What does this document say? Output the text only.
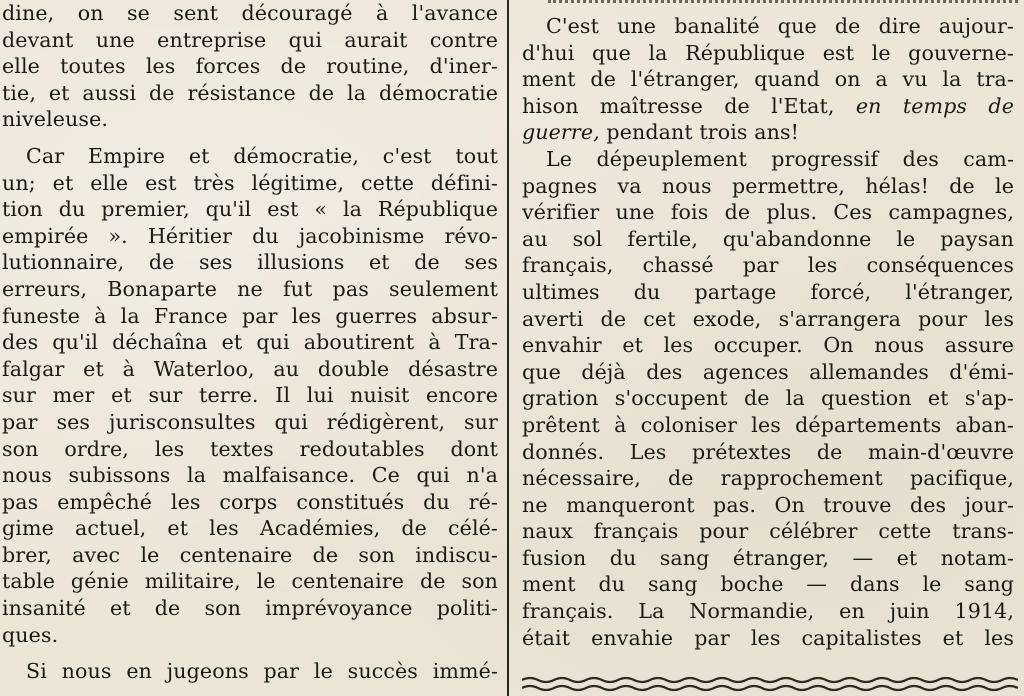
dine, on se sent découragé à l'avance
devant une entreprise qui aurait contre
elle toutes les forces de routine, d'iner-
tie, et aussi de résistance de la démocratie
niveleuse.
Car Empire et démocratie, c'est tout
un; et elle est très légitime, cette défini-
tion du premier, qu'il est « la République
empirée ». Héritier du jacobinisme révo-
lutionnaire, de ses illusions et de ses
erreurs, Bonaparte ne fut pas seulement
funeste à la France par les guerres absur-
des qu'il déchaîna et qui aboutirent à Tra-
falgar et à Waterloo, au double désastre
sur mer et sur terre. Il lui nuisit encore
par ses jurisconsultes qui rédigèrent, sur
son ordre, les textes redoutables dont
nous subissons la malfaisance. Ce qui n'a
pas empêché les corps constitués du ré-
gime actuel, et les Académies, de célé-
brer, avec le centenaire de son indiscu-
table génie militaire, le centenaire de son
insanité et de son imprévoyance politi-
ques.
Si nous en jugeons par le succès immé-
C'est une banalité que de dire aujour-
d'hui que la République est le gouverne-
ment de l'étranger, quand on a vu la tra-
hison maîtresse de l'Etat, en temps de
guerre, pendant trois ans!
Le dépeuplement progressif des cam-
pagnes va nous permettre, hélas! de le
vérifier une fois de plus. Ces campagnes,
au sol fertile, qu'abandonne le paysan
français, chassé par les conséquences
ultimes du partage forcé, l'étranger,
averti de cet exode, s'arrangera pour les
envahir et les occuper. On nous assure
que déjà des agences allemandes d'émi-
gration s'occupent de la question et s'ap-
prêtent à coloniser les départements aban-
donnés. Les prétextes de main-d'œuvre
nécessaire, de rapprochement pacifique,
ne manqueront pas. On trouve des jour-
naux français pour célébrer cette trans-
fusion du sang étranger, — et notam-
ment du sang boche — dans le sang
français. La Normandie, en juin 1914,
était envahie par les capitalistes et les
